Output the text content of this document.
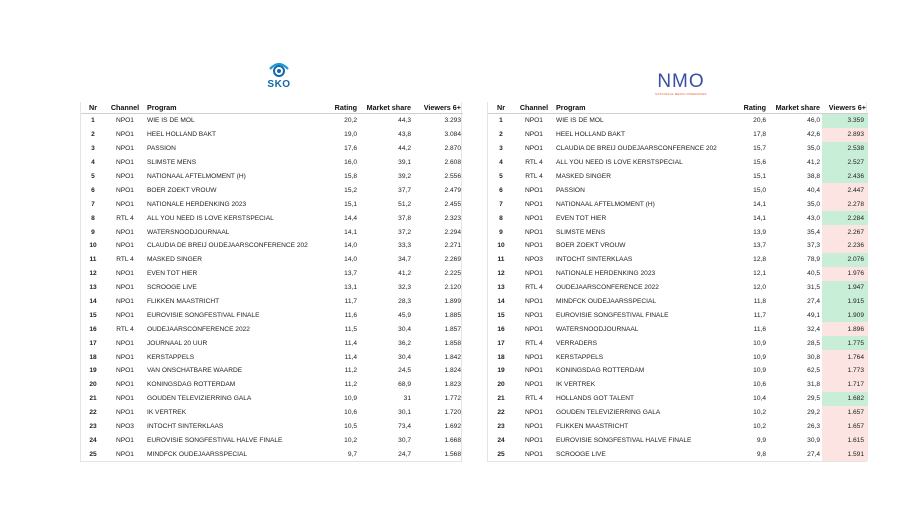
SKO
Nr	Channel	Program	Rating	Market share	Viewers 6+
1	NPO1	WIE IS DE MOL	20,2	44,3	3.293
2	NPO1	HEEL HOLLAND BAKT	19,0	43,8	3.084
3	NPO1	PASSION	17,6	44,2	2.870
4	NPO1	SLIMSTE MENS	16,0	39,1	2.608
5	NPO1	NATIONAAL AFTELMOMENT (H)	15,8	39,2	2.556
6	NPO1	BOER ZOEKT VROUW	15,2	37,7	2.479
7	NPO1	NATIONALE HERDENKING 2023	15,1	51,2	2.455
8	RTL 4	ALL YOU NEED IS LOVE KERSTSPECIAL	14,4	37,8	2.323
9	NPO1	WATERSNOODJOURNAAL	14,1	37,2	2.294
10	NPO1	CLAUDIA DE BREIJ OUDEJAARSCONFERENCE 202	14,0	33,3	2.271
11	RTL 4	MASKED SINGER	14,0	34,7	2.269
12	NPO1	EVEN TOT HIER	13,7	41,2	2.225
13	NPO1	SCROOGE LIVE	13,1	32,3	2.120
14	NPO1	FLIKKEN MAASTRICHT	11,7	28,3	1.899
15	NPO1	EUROVISIE SONGFESTIVAL FINALE	11,6	45,9	1.885
16	RTL 4	OUDEJAARSCONFERENCE 2022	11,5	30,4	1.857
17	NPO1	JOURNAAL 20 UUR	11,4	36,2	1.858
18	NPO1	KERSTAPPELS	11,4	30,4	1.842
19	NPO1	VAN ONSCHATBARE WAARDE	11,2	24,5	1.824
20	NPO1	KONINGSDAG ROTTERDAM	11,2	68,9	1.823
21	NPO1	GOUDEN TELEVIZIERRING GALA	10,9	31	1.772
22	NPO1	IK VERTREK	10,6	30,1	1.720
23	NPO3	INTOCHT SINTERKLAAS	10,5	73,4	1.692
24	NPO1	EUROVISIE SONGFESTIVAL HALVE FINALE	10,2	30,7	1.668
25	NPO1	MINDFCK OUDEJAARSSPECIAL	9,7	24,7	1.568
NMO
NATIONALE MEDIA ONDERZOEK
Nr	Channel	Program	Rating	Market share	Viewers 6+
1	NPO1	WIE IS DE MOL	20,6	46,0	3.359
2	NPO1	HEEL HOLLAND BAKT	17,8	42,6	2.893
3	NPO1	CLAUDIA DE BREIJ OUDEJAARSCONFERENCE 202	15,7	35,0	2.538
4	RTL 4	ALL YOU NEED IS LOVE KERSTSPECIAL	15,6	41,2	2.527
5	RTL 4	MASKED SINGER	15,1	38,8	2.436
6	NPO1	PASSION	15,0	40,4	2.447
7	NPO1	NATIONAAL AFTELMOMENT (H)	14,1	35,0	2.278
8	NPO1	EVEN TOT HIER	14,1	43,0	2.284
9	NPO1	SLIMSTE MENS	13,9	35,4	2.267
10	NPO1	BOER ZOEKT VROUW	13,7	37,3	2.236
11	NPO3	INTOCHT SINTERKLAAS	12,8	78,9	2.076
12	NPO1	NATIONALE HERDENKING 2023	12,1	40,5	1.976
13	RTL 4	OUDEJAARSCONFERENCE 2022	12,0	31,5	1.947
14	NPO1	MINDFCK OUDEJAARSSPECIAL	11,8	27,4	1.915
15	NPO1	EUROVISIE SONGFESTIVAL FINALE	11,7	49,1	1.909
16	NPO1	WATERSNOODJOURNAAL	11,6	32,4	1.896
17	RTL 4	VERRADERS	10,9	28,5	1.775
18	NPO1	KERSTAPPELS	10,9	30,8	1.764
19	NPO1	KONINGSDAG ROTTERDAM	10,9	62,5	1.773
20	NPO1	IK VERTREK	10,6	31,8	1.717
21	RTL 4	HOLLANDS GOT TALENT	10,4	29,5	1.682
22	NPO1	GOUDEN TELEVIZIERRING GALA	10,2	29,2	1.657
23	NPO1	FLIKKEN MAASTRICHT	10,2	26,3	1.657
24	NPO1	EUROVISIE SONGFESTIVAL HALVE FINALE	9,9	30,9	1.615
25	NPO1	SCROOGE LIVE	9,8	27,4	1.591
